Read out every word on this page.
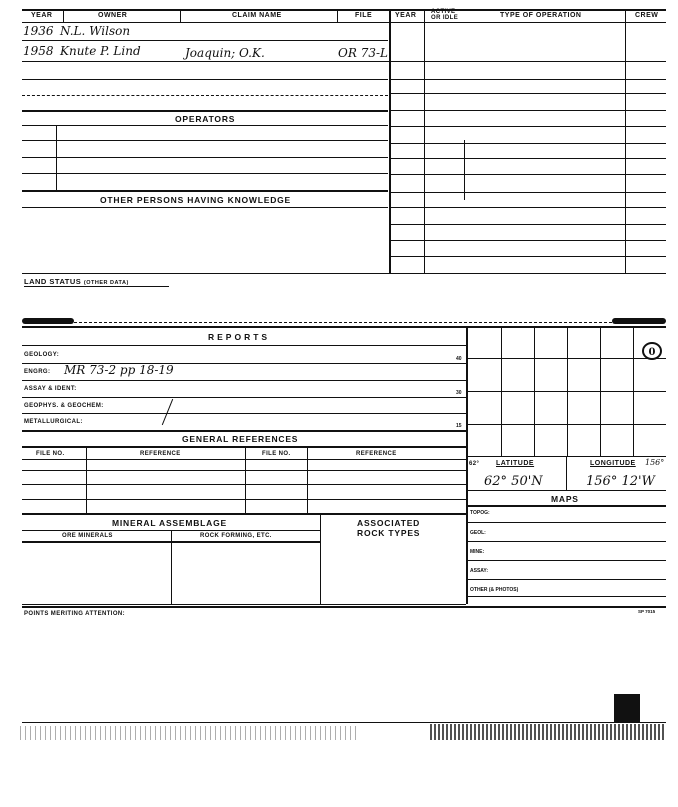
YEAR	OWNER	CLAIM NAME	FILE	YEAR ACTIVE
OR IDLE	TYPE OF OPERATION	CREW
1936 N.L. Wilson
1958 Knute P. Lind	Joaquin; O.K.	OR 73-L
OPERATORS
OTHER PERSONS HAVING KNOWLEDGE
LAND STATUS (OTHER DATA)
REPORTS
GEOLOGY:
40
ENGRG: MR 73-2 pp 18-19
ASSAY & IDENT:
30
GEOPHYS. & GEOCHEM:
METALLURGICAL:
15
GENERAL REFERENCES
FILE NO.	REFERENCE	FILE NO.	REFERENCE
MINERAL ASSEMBLAGE	ASSOCIATED
ROCK TYPES
ORE MINERALS	ROCK FORMING, ETC.
0
62° LATITUDE	LONGITUDE 156°
62° 50'N	156° 12'W
MAPS
TOPOG:
GEOL:
MINE:
ASSAY:
OTHER (& PHOTOS)
POINTS MERITING ATTENTION:	SP 7015
